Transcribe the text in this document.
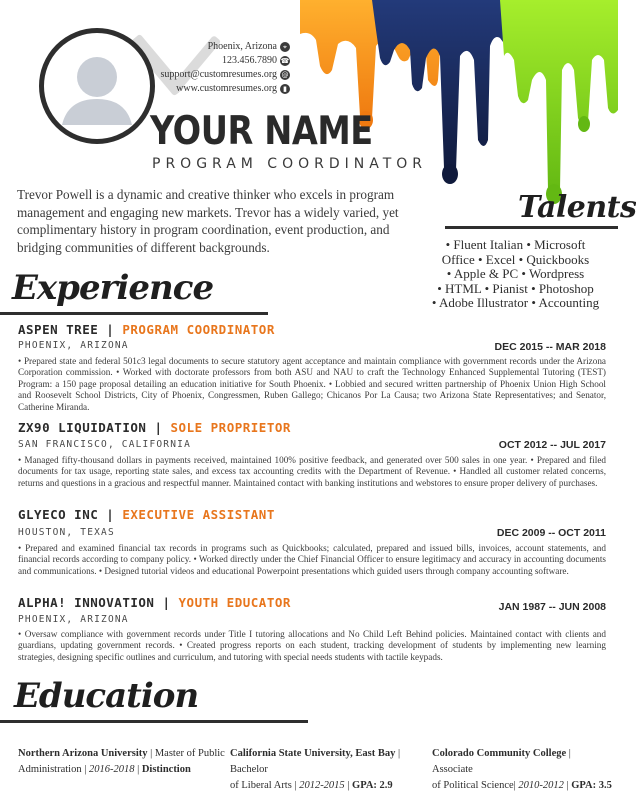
Phoenix, Arizona ⌖
123.456.7890 ☎
support@customresumes.org @
www.customresumes.org ▮
YOUR NAME
PROGRAM COORDINATOR
Trevor Powell is a dynamic and creative thinker who excels in program management and engaging new markets. Trevor has a widely varied, yet complimentary history in program coordination, event production, and bridging communities of different backgrounds.
Talents
• Fluent Italian • Microsoft
Office • Excel • Quickbooks
• Apple & PC • Wordpress
• HTML • Pianist • Photoshop
• Adobe Illustrator • Accounting
Experience
ASPEN TREE | PROGRAM COORDINATOR
PHOENIX, ARIZONA	DEC 2015 -- MAR 2018
• Prepared state and federal 501c3 legal documents to secure statutory agent acceptance and maintain compliance with government records under the Arizona Corporation commission. • Worked with doctorate professors from both ASU and NAU to craft the Technology Enhanced Supplemental Tutoring (TEST) Program: a 150 page proposal detailing an education initiative for South Phoenix. • Lobbied and secured written partnership of Phoenix Union High School and Roosevelt School Districts, City of Phoenix, Congressmen, Ruben Gallego; Chicanos Por La Causa; two Arizona State Representatives; and Senator, Catherine Miranda.
ZX90 LIQUIDATION | SOLE PROPRIETOR
SAN FRANCISCO, CALIFORNIA	OCT 2012 -- JUL 2017
• Managed fifty-thousand dollars in payments received, maintained 100% positive feedback, and generated over 500 sales in one year. • Prepared and filed documents for tax usage, reporting state sales, and excess tax accounting credits with the Department of Revenue. • Handled all customer related concerns, returns and questions in a gracious and respectful manner. Maintained contact with banking institutions and webstores to ensure proper delivery of purchases.
GLYECO INC | EXECUTIVE ASSISTANT
HOUSTON, TEXAS	DEC 2009 -- OCT 2011
• Prepared and examined financial tax records in programs such as Quickbooks; calculated, prepared and issued bills, invoices, account statements, and financial records according to company policy. • Worked directly under the Chief Financial Officer to ensure legitimacy and accuracy in accounting documents and communications. • Designed tutorial videos and educational Powerpoint presentations which guided users through company accounting software.
ALPHA! INNOVATION | YOUTH EDUCATOR
PHOENIX, ARIZONA
JAN 1987 -- JUN 2008
• Oversaw compliance with government records under Title I tutoring allocations and No Child Left Behind policies. Maintained contact with clients and guardians, updating government records. • Created progress reports on each student, tracking development of students by implementing new learning strategies, designing specific outlines and curriculum, and tutoring with special needs students with tactile keypads.
Education
Northern Arizona University | Master of Public
Administration | 2016-2018 | Distinction
California State University, East Bay | Bachelor
of Liberal Arts | 2012-2015 | GPA: 2.9
Colorado Community College | Associate
of Political Science| 2010-2012 | GPA: 3.5
